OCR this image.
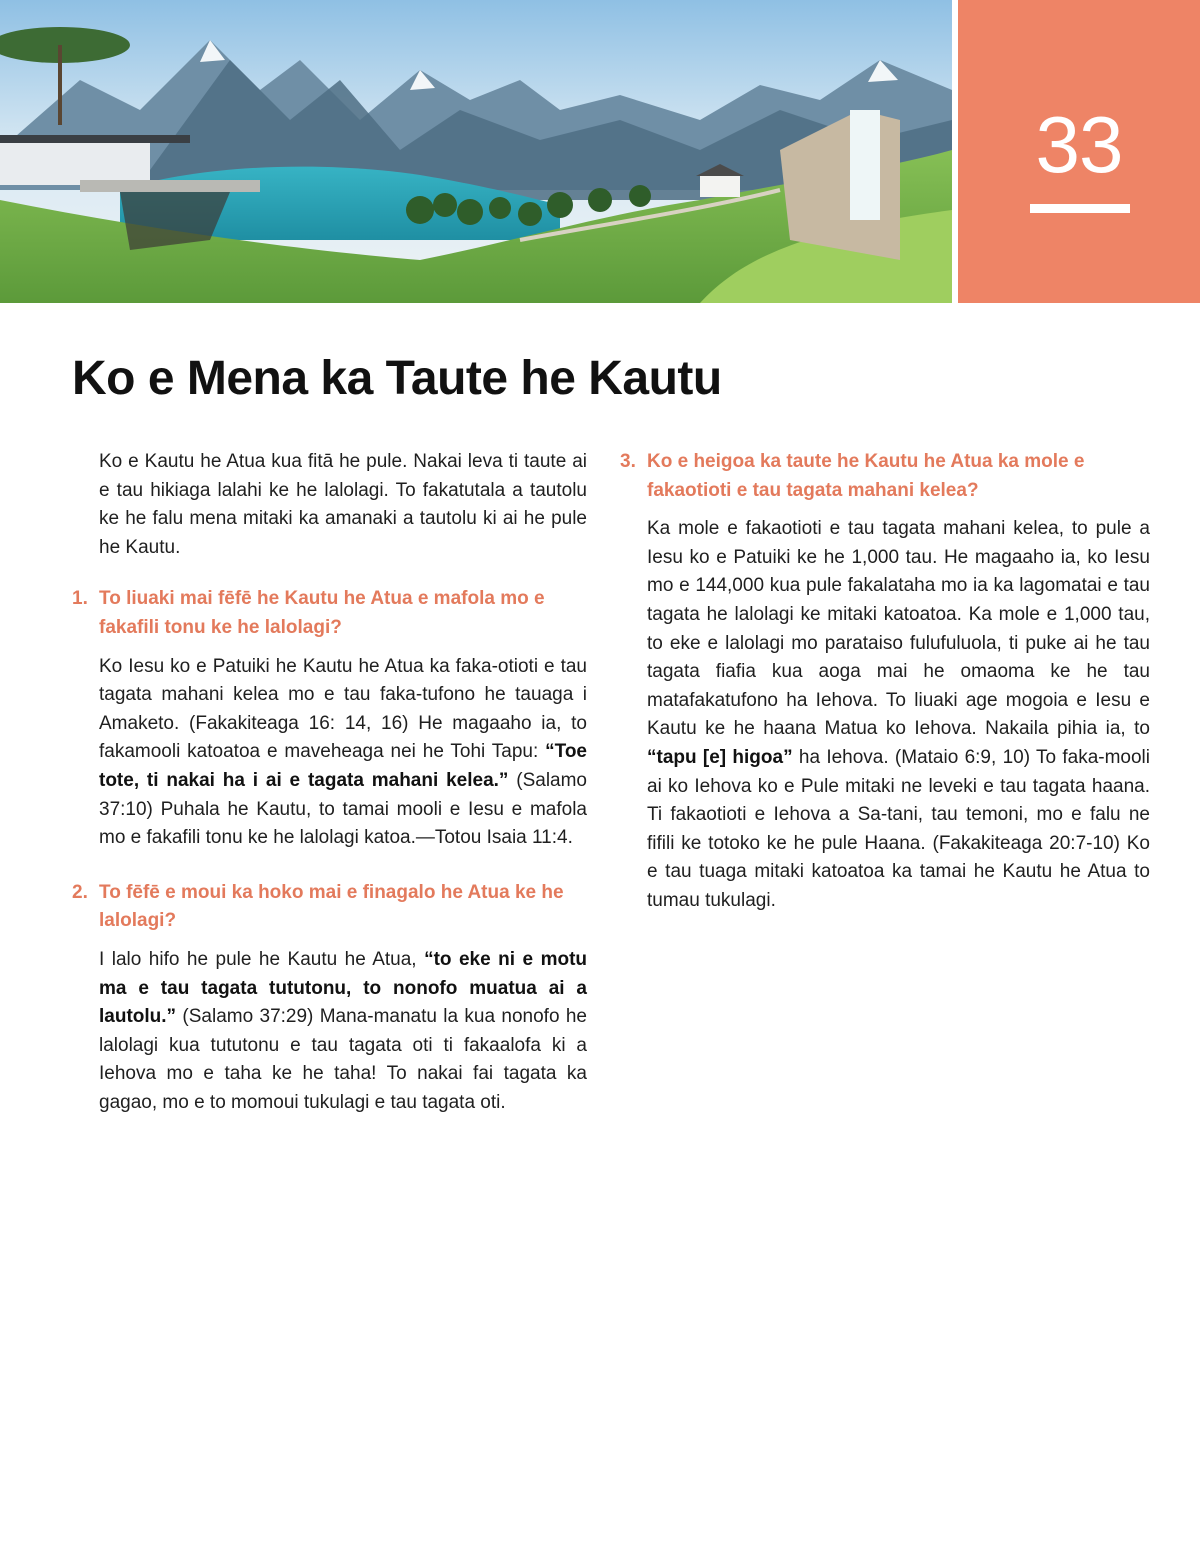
33
Ko e Mena ka Taute he Kautu

Ko e Kautu he Atua kua fitā he pule. Nakai leva ti taute ai e tau hikiaga lalahi ke he lalolagi. To fakatutala a tautolu ke he falu mena mitaki ka amanaki a tautolu ki ai he pule he Kautu.

1. To liuaki mai fēfē he Kautu he Atua e mafola mo e fakafili tonu ke he lalolagi?

Ko Iesu ko e Patuiki he Kautu he Atua ka faka-otioti e tau tagata mahani kelea mo e tau faka-tufono he tauaga i Amaketo. (Fakakiteaga 16: 14, 16) He magaaho ia, to fakamooli katoatoa e maveheaga nei he Tohi Tapu: “Toe tote, ti nakai ha i ai e tagata mahani kelea.” (Salamo 37:10) Puhala he Kautu, to tamai mooli e Iesu e mafola mo e fakafili tonu ke he lalolagi katoa.—Totou Isaia 11:4.

2. To fēfē e moui ka hoko mai e finagalo he Atua ke he lalolagi?

I lalo hifo he pule he Kautu he Atua, “to eke ni e motu ma e tau tagata tututonu, to nonofo muatua ai a lautolu.” (Salamo 37:29) Mana-manatu la kua nonofo he lalolagi kua tututonu e tau tagata oti ti fakaalofa ki a Iehova mo e taha ke he taha! To nakai fai tagata ka gagao, mo e to momoui tukulagi e tau tagata oti.

3. Ko e heigoa ka taute he Kautu he Atua ka mole e fakaotioti e tau tagata mahani kelea?

Ka mole e fakaotioti e tau tagata mahani kelea, to pule a Iesu ko e Patuiki ke he 1,000 tau. He magaaho ia, ko Iesu mo e 144,000 kua pule fakalataha mo ia ka lagomatai e tau tagata he lalolagi ke mitaki katoatoa. Ka mole e 1,000 tau, to eke e lalolagi mo parataiso fulufuluola, ti puke ai he tau tagata fiafia kua aoga mai he omaoma ke he tau matafakatufono ha Iehova. To liuaki age mogoia e Iesu e Kautu ke he haana Matua ko Iehova. Nakaila pihia ia, to “tapu [e] higoa” ha Iehova. (Mataio 6:9, 10) To faka-mooli ai ko Iehova ko e Pule mitaki ne leveki e tau tagata haana. Ti fakaotioti e Iehova a Sa-tani, tau temoni, mo e falu ne fifili ke totoko ke he pule Haana. (Fakakiteaga 20:7-10) Ko e tau tuaga mitaki katoatoa ka tamai he Kautu he Atua to tumau tukulagi.
